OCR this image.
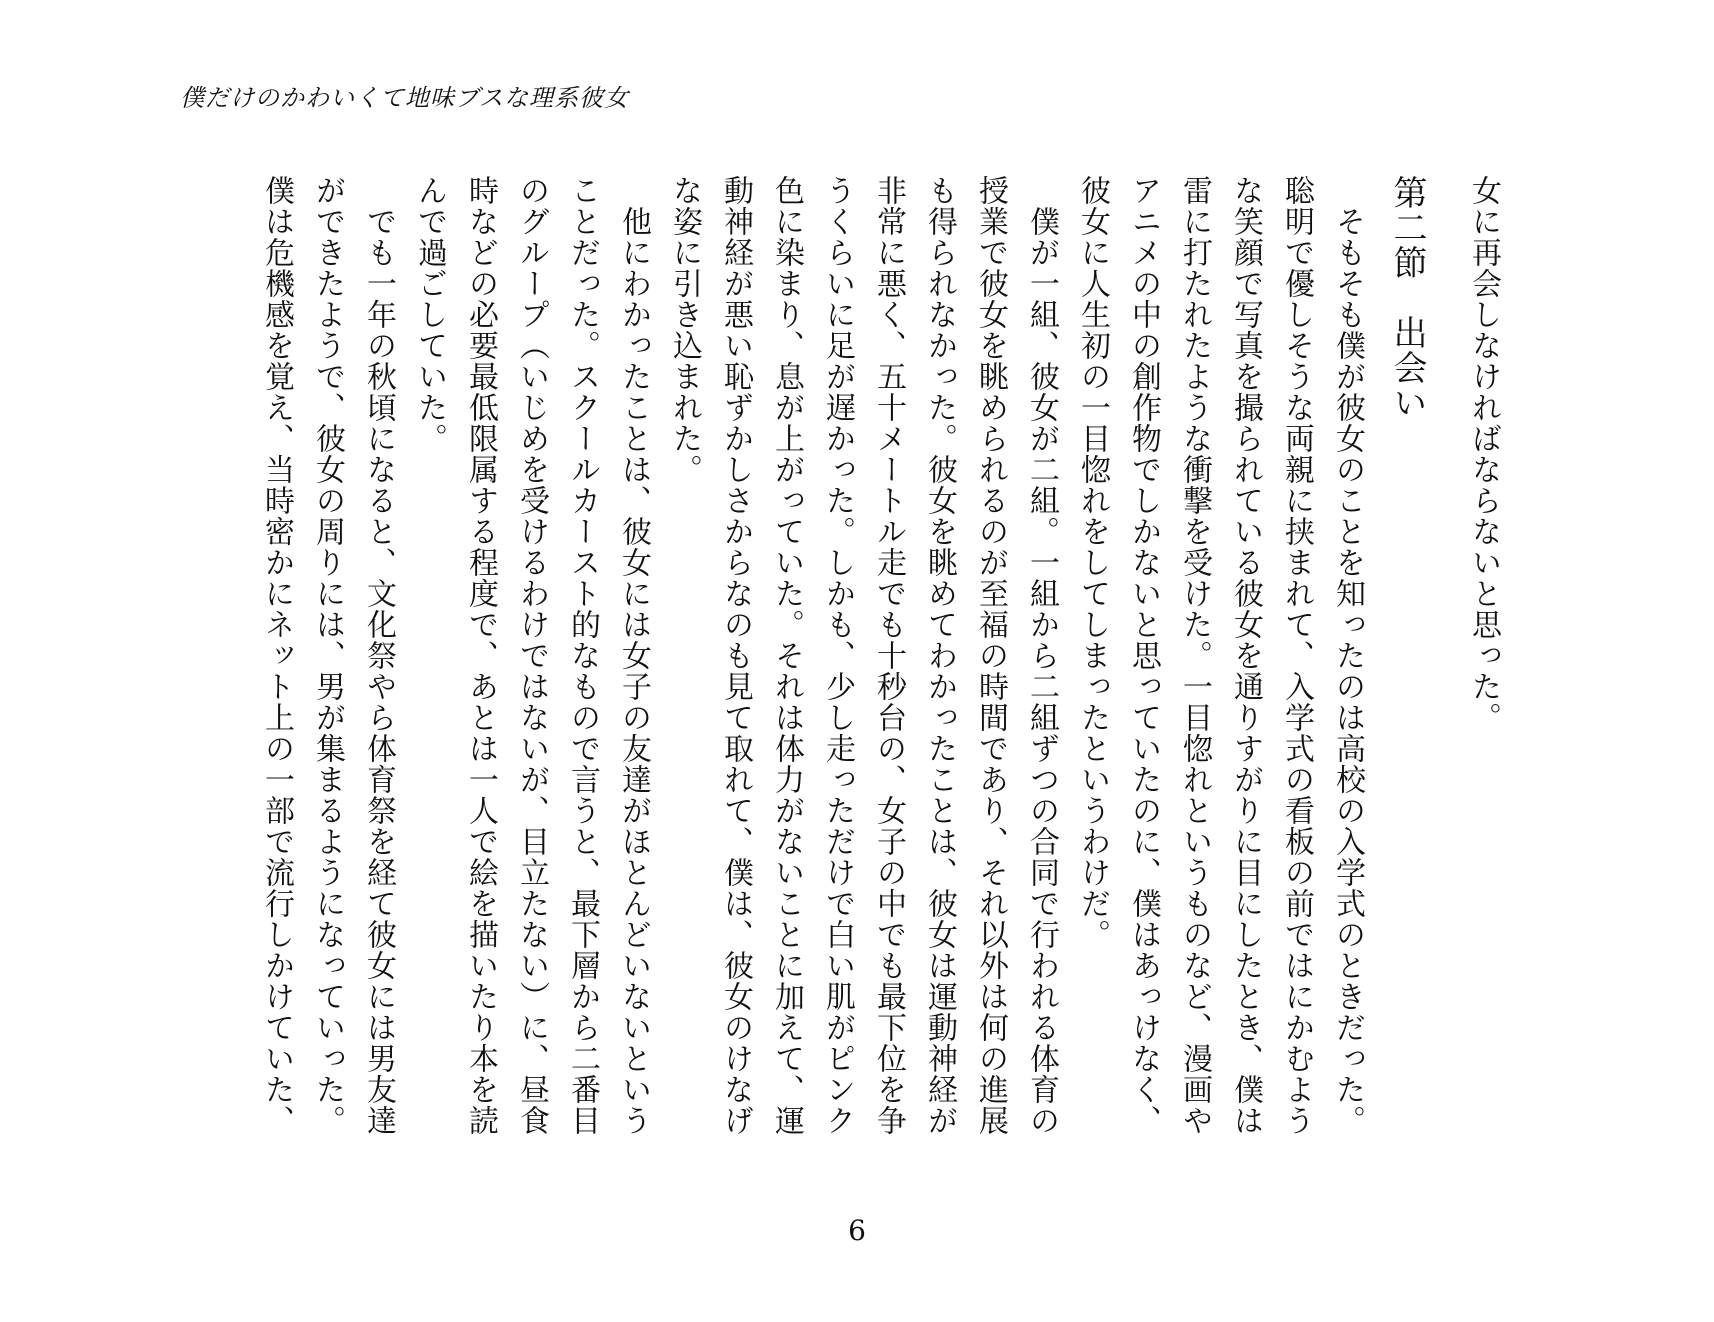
僕だけのかわいくて地味ブスな理系彼女

女に再会しなければならないと思った。

第二節　出会い

　そもそも僕が彼女のことを知ったのは高校の入学式のときだった。
聡明で優しそうな両親に挟まれて、入学式の看板の前ではにかむよう
な笑顔で写真を撮られている彼女を通りすがりに目にしたとき、僕は
雷に打たれたような衝撃を受けた。一目惚れというものなど、漫画や
アニメの中の創作物でしかないと思っていたのに、僕はあっけなく、
彼女に人生初の一目惚れをしてしまったというわけだ。

　僕が一組、彼女が二組。一組から二組ずつの合同で行われる体育の
授業で彼女を眺められるのが至福の時間であり、それ以外は何の進展
も得られなかった。彼女を眺めてわかったことは、彼女は運動神経が
非常に悪く、五十メートル走でも十秒台の、女子の中でも最下位を争
うくらいに足が遅かった。しかも、少し走っただけで白い肌がピンク
色に染まり、息が上がっていた。それは体力がないことに加えて、運
動神経が悪い恥ずかしさからなのも見て取れて、僕は、彼女のけなげ
な姿に引き込まれた。

　他にわかったことは、彼女には女子の友達がほとんどいないという
ことだった。スクールカースト的なもので言うと、最下層から二番目
のグループ（いじめを受けるわけではないが、目立たない）に、昼食
時などの必要最低限属する程度で、あとは一人で絵を描いたり本を読
んで過ごしていた。

　でも一年の秋頃になると、文化祭やら体育祭を経て彼女には男友達
ができたようで、彼女の周りには、男が集まるようになっていった。
僕は危機感を覚え、当時密かにネット上の一部で流行しかけていた、

6
